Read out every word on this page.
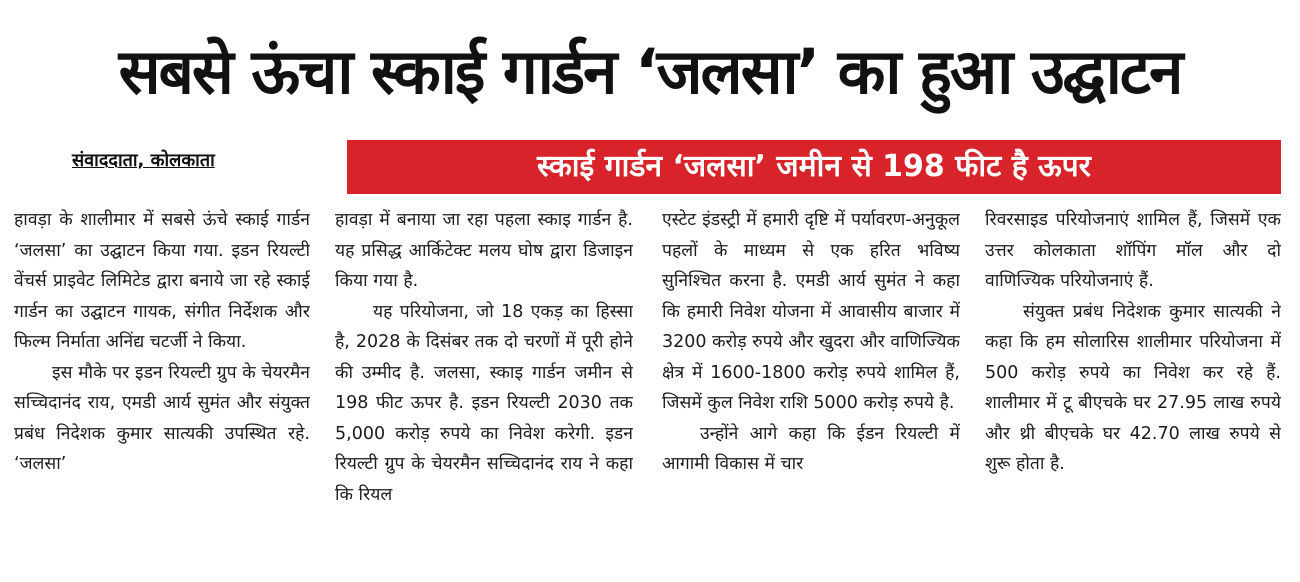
सबसे ऊंचा स्काई गार्डन ‘जलसा’ का हुआ उद्घाटन
संवाददाता, कोलकाता	स्काई गार्डन ‘जलसा’ जमीन से 198 फीट है ऊपर

हावड़ा के शालीमार में सबसे ऊंचे स्काई गार्डन ‘जलसा’ का उद्घाटन किया गया. इडन रियल्टी वेंचर्स प्राइवेट लिमिटेड द्वारा बनाये जा रहे स्काई गार्डन का उद्घाटन गायक, संगीत निर्देशक और फिल्म निर्माता अनिंद्य चटर्जी ने किया.

इस मौके पर इडन रियल्टी ग्रुप के चेयरमैन सच्चिदानंद राय, एमडी आर्य सुमंत और संयुक्त प्रबंध निदेशक कुमार सात्यकी उपस्थित रहे. ‘जलसा’

हावड़ा में बनाया जा रहा पहला स्काइ गार्डन है. यह प्रसिद्ध आर्किटेक्ट मलय घोष द्वारा डिजाइन किया गया है.

यह परियोजना, जो 18 एकड़ का हिस्सा है, 2028 के दिसंबर तक दो चरणों में पूरी होने की उम्मीद है. जलसा, स्काइ गार्डन जमीन से 198 फीट ऊपर है. इडन रियल्टी 2030 तक 5,000 करोड़ रुपये का निवेश करेगी. इडन रियल्टी ग्रुप के चेयरमैन सच्चिदानंद राय ने कहा कि रियल

एस्टेट इंडस्ट्री में हमारी दृष्टि में पर्यावरण-अनुकूल पहलों के माध्यम से एक हरित भविष्य सुनिश्चित करना है. एमडी आर्य सुमंत ने कहा कि हमारी निवेश योजना में आवासीय बाजार में 3200 करोड़ रुपये और खुदरा और वाणिज्यिक क्षेत्र में 1600-1800 करोड़ रुपये शामिल हैं, जिसमें कुल निवेश राशि 5000 करोड़ रुपये है.

उन्होंने आगे कहा कि ईडन रियल्टी में आगामी विकास में चार

रिवरसाइड परियोजनाएं शामिल हैं, जिसमें एक उत्तर कोलकाता शॉपिंग मॉल और दो वाणिज्यिक परियोजनाएं हैं.

संयुक्त प्रबंध निदेशक कुमार सात्यकी ने कहा कि हम सोलारिस शालीमार परियोजना में 500 करोड़ रुपये का निवेश कर रहे हैं. शालीमार में टू बीएचके घर 27.95 लाख रुपये और थ्री बीएचके घर 42.70 लाख रुपये से शुरू होता है.
